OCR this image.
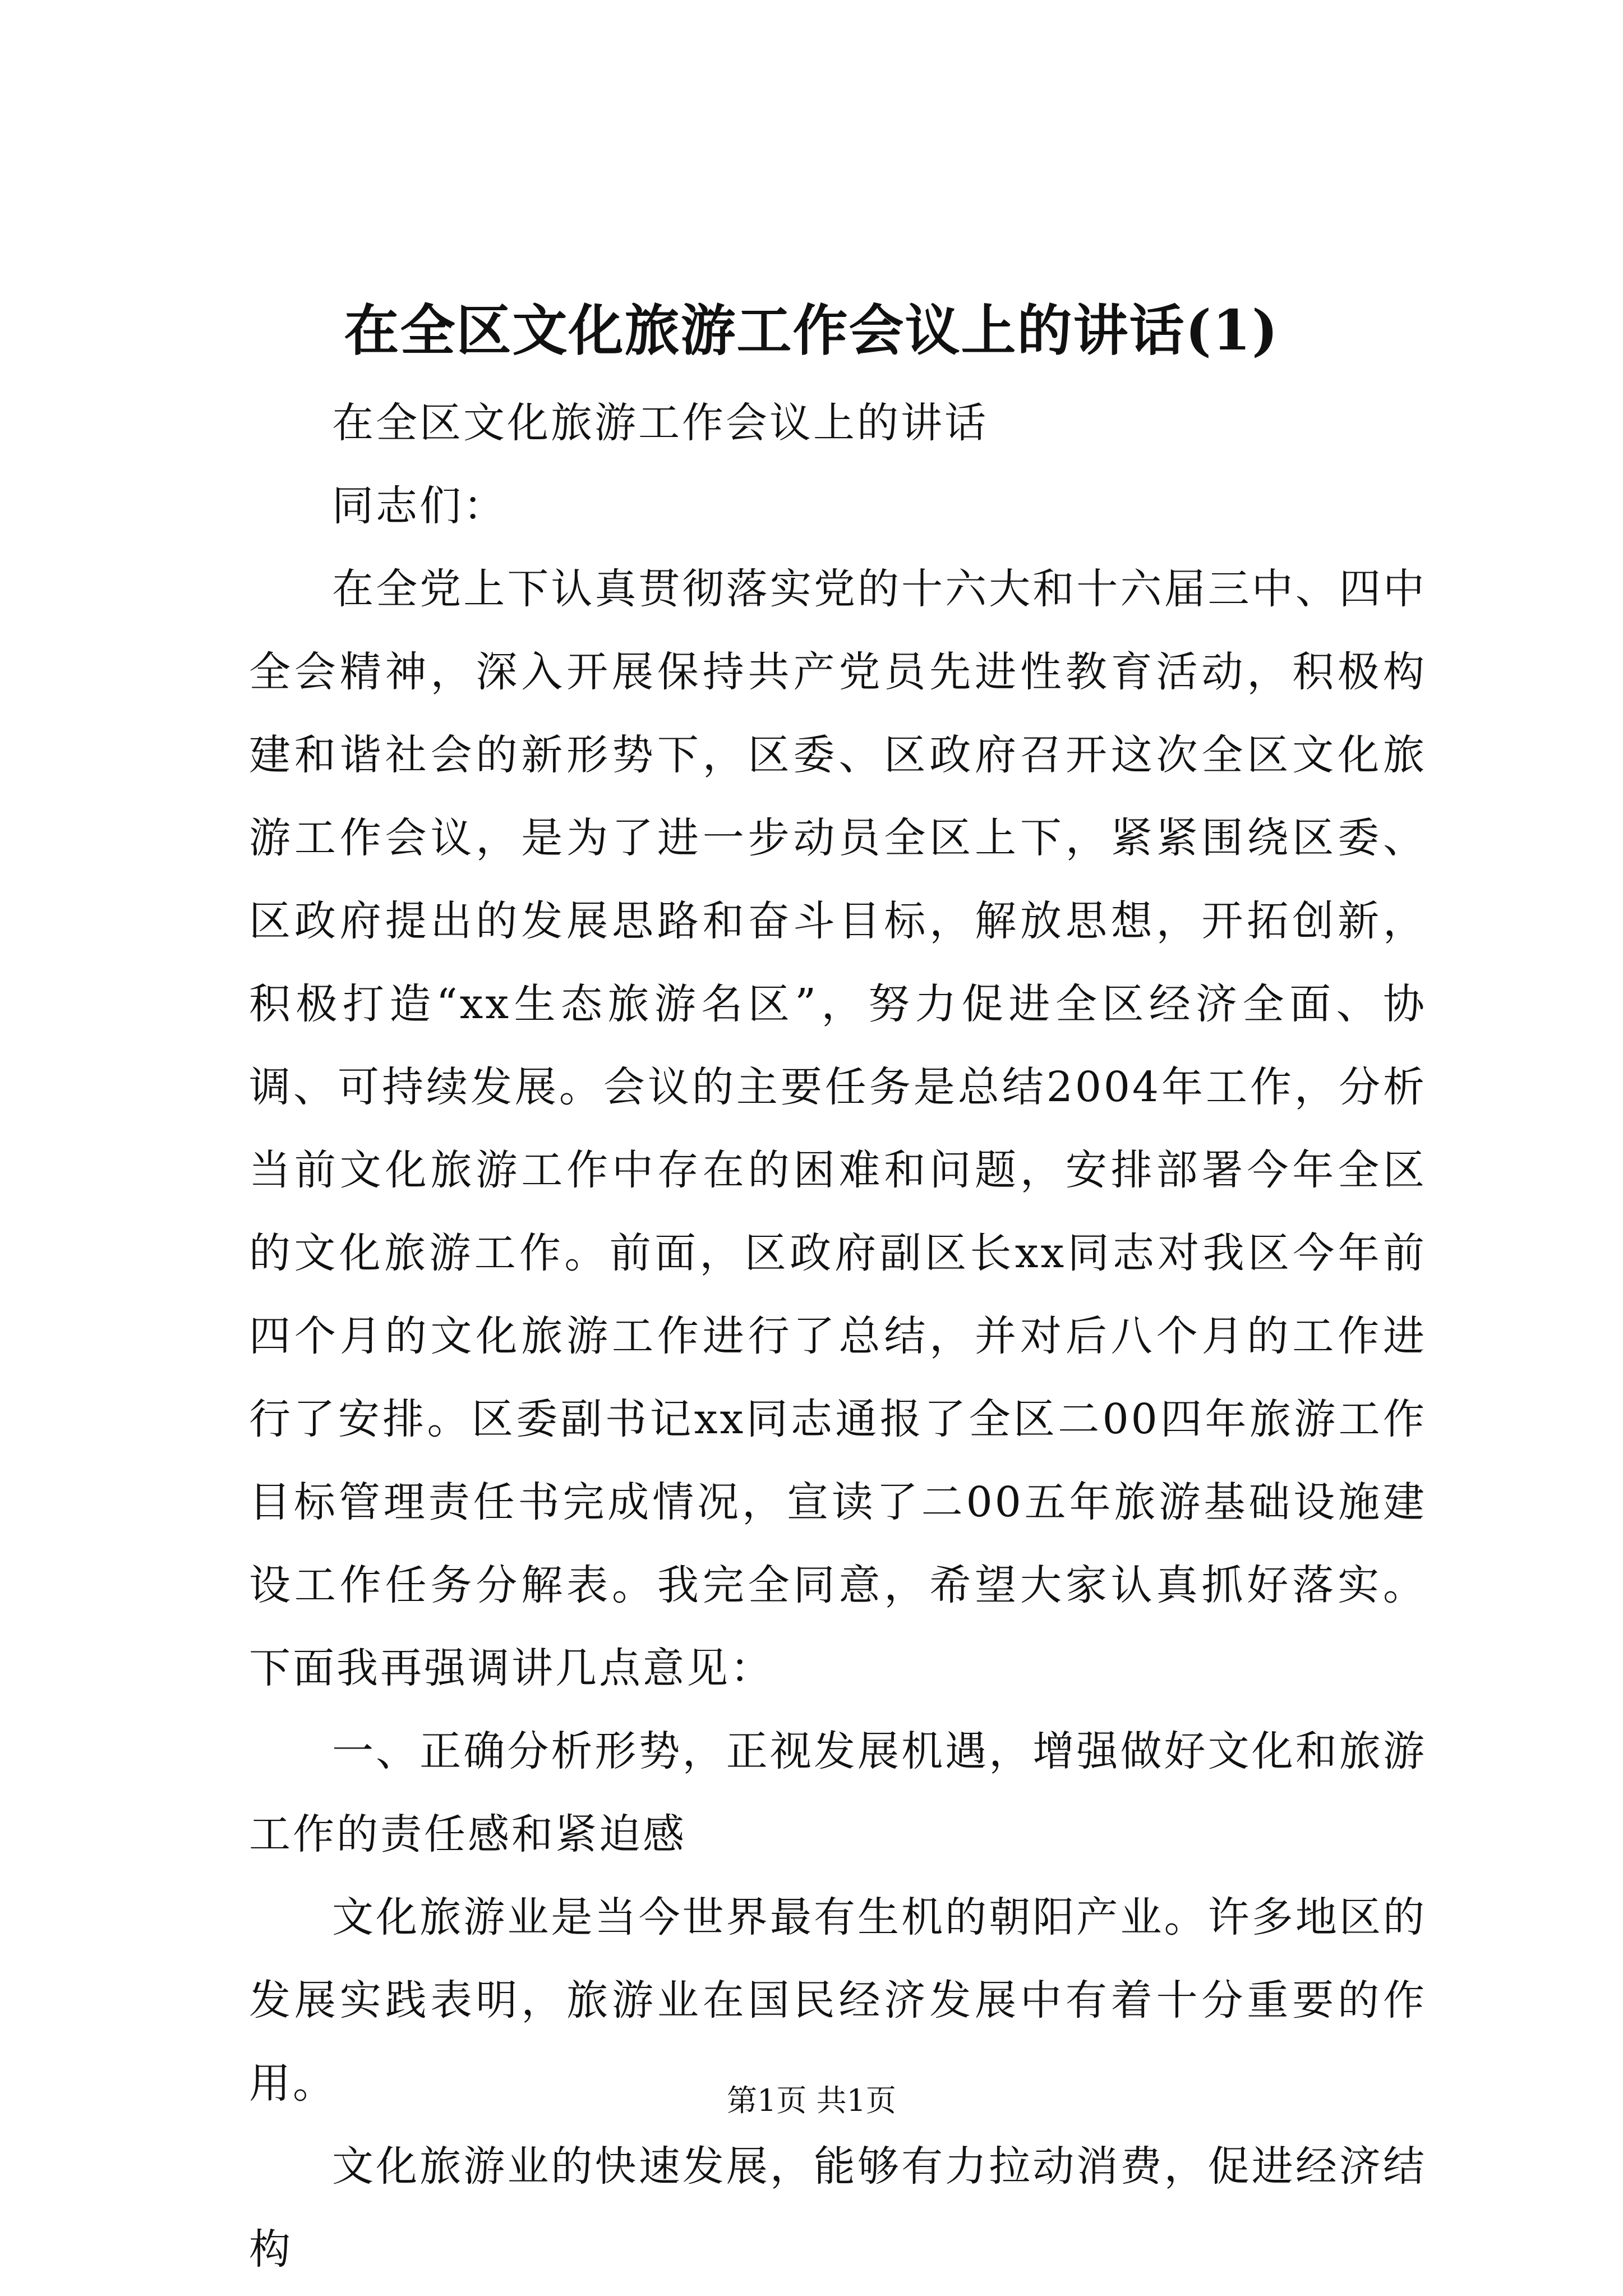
在全区文化旅游工作会议上的讲话(1)

在全区文化旅游工作会议上的讲话

同志们：

在全党上下认真贯彻落实党的十六大和十六届三中、四中全会精神，深入开展保持共产党员先进性教育活动，积极构建和谐社会的新形势下，区委、区政府召开这次全区文化旅游工作会议，是为了进一步动员全区上下，紧紧围绕区委、区政府提出的发展思路和奋斗目标，解放思想，开拓创新，积极打造“xx生态旅游名区”，努力促进全区经济全面、协调、可持续发展。会议的主要任务是总结2004年工作，分析当前文化旅游工作中存在的困难和问题，安排部署今年全区的文化旅游工作。前面，区政府副区长xx同志对我区今年前四个月的文化旅游工作进行了总结，并对后八个月的工作进行了安排。区委副书记xx同志通报了全区二00四年旅游工作目标管理责任书完成情况，宣读了二00五年旅游基础设施建设工作任务分解表。我完全同意，希望大家认真抓好落实。下面我再强调讲几点意见：

一、正确分析形势，正视发展机遇，增强做好文化和旅游工作的责任感和紧迫感

文化旅游业是当今世界最有生机的朝阳产业。许多地区的发展实践表明，旅游业在国民经济发展中有着十分重要的作用。

文化旅游业的快速发展，能够有力拉动消费，促进经济结构

第1页 共1页
